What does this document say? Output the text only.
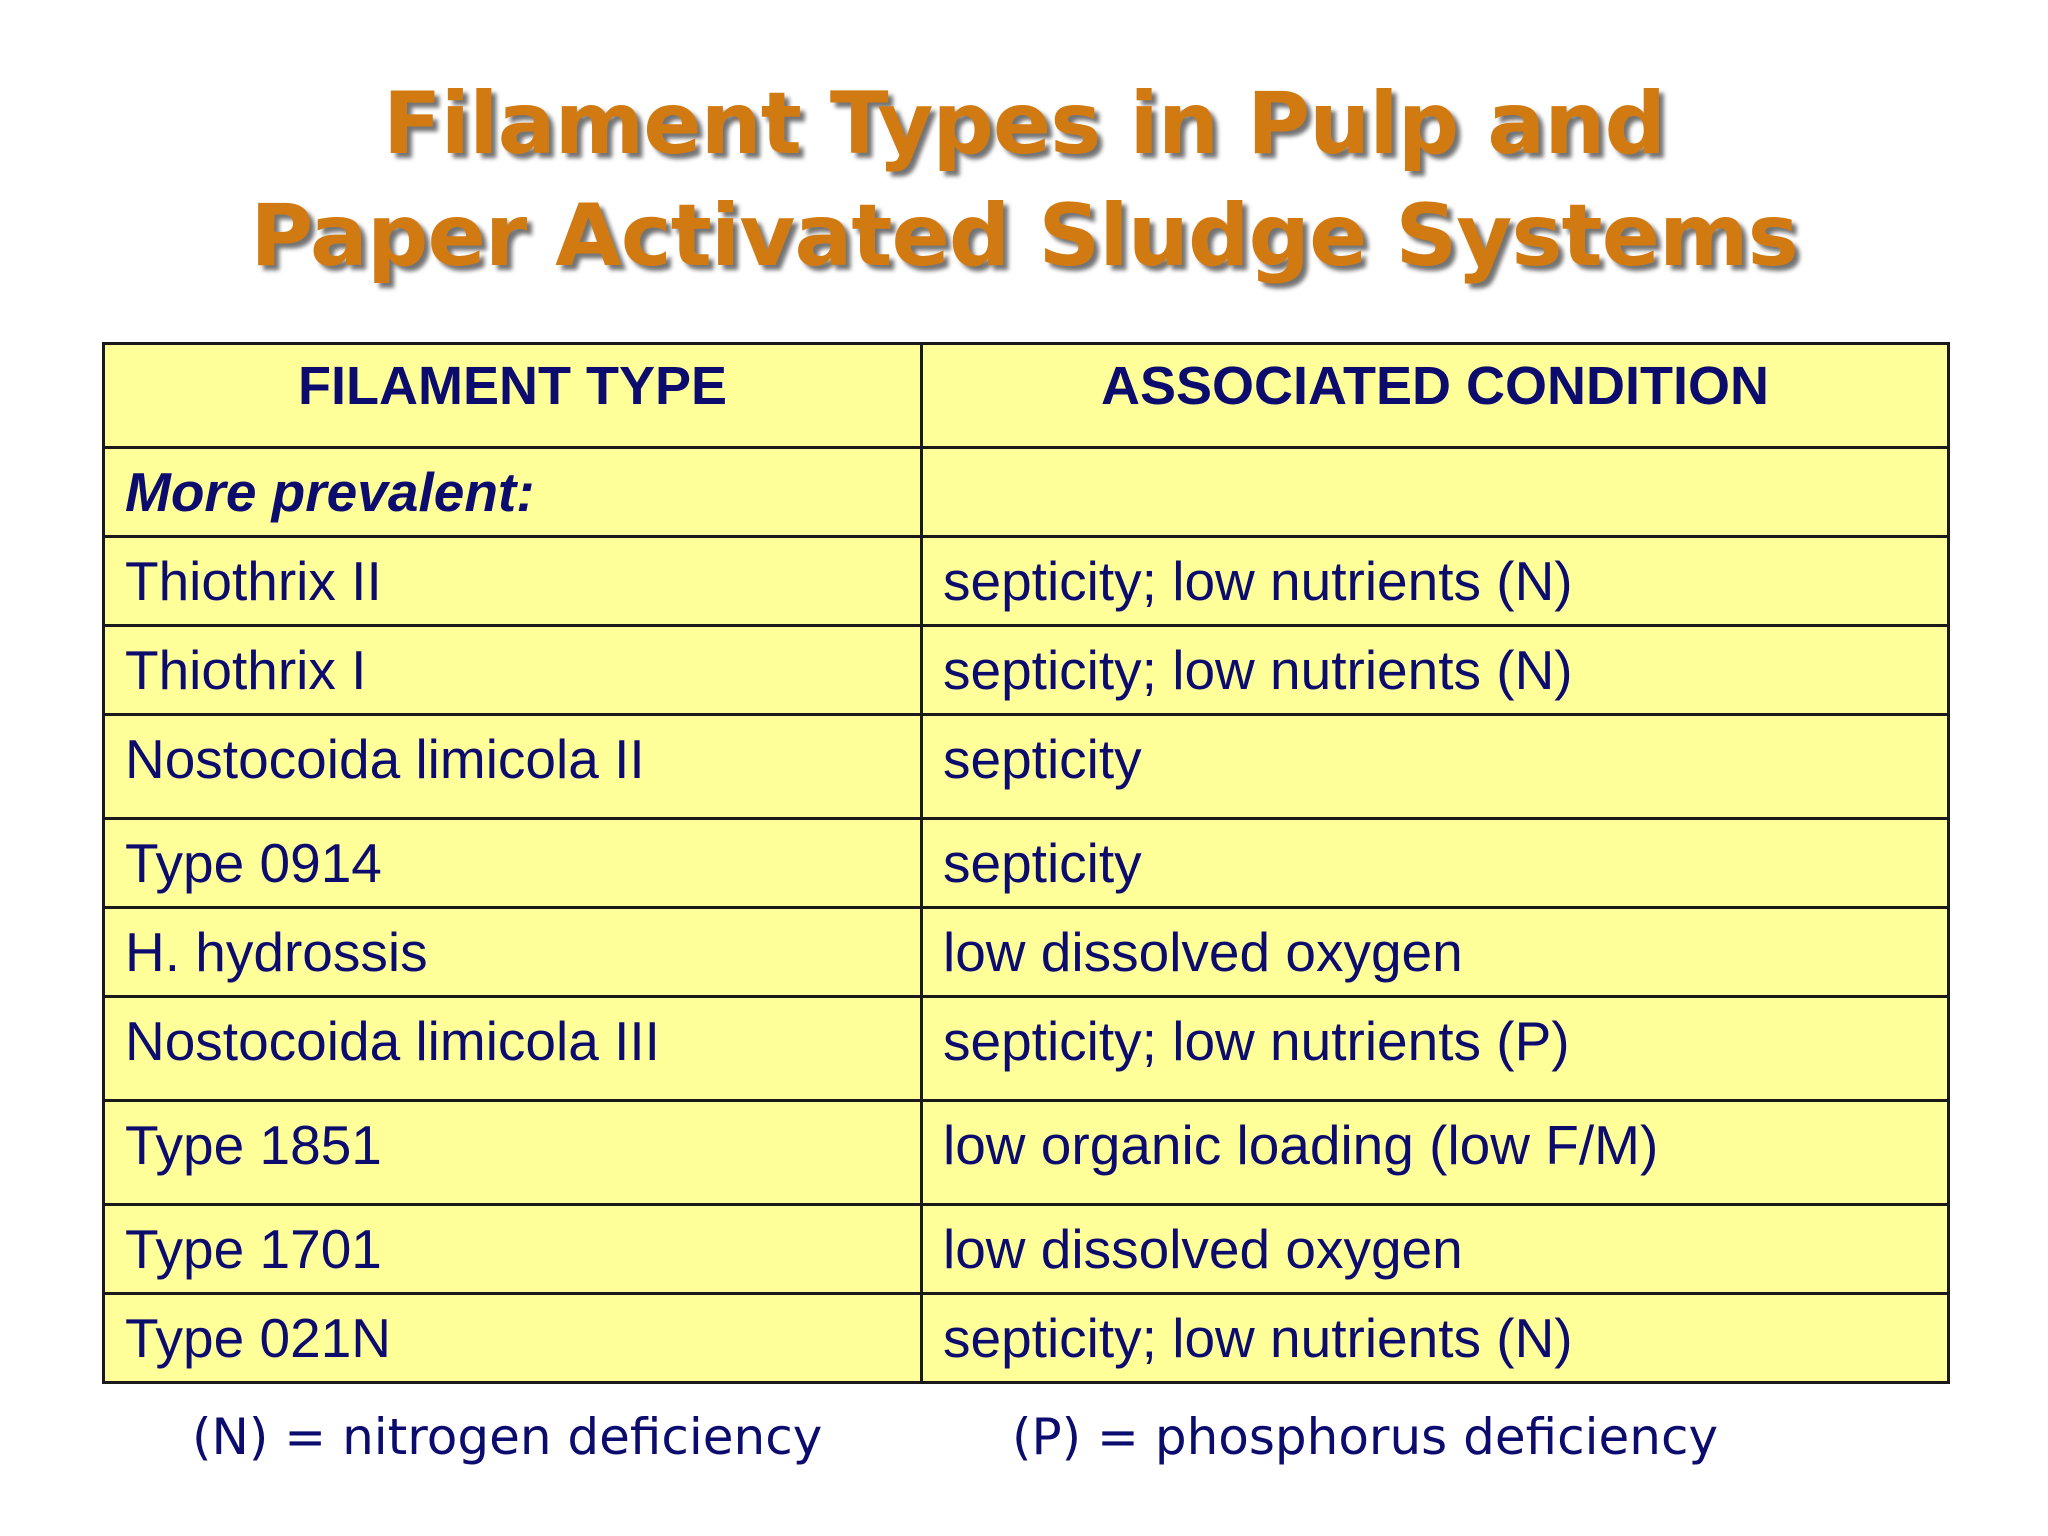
Filament Types in Pulp and
Paper Activated Sludge Systems
FILAMENT TYPE	ASSOCIATED CONDITION
More prevalent:	
Thiothrix II	septicity; low nutrients (N)
Thiothrix I	septicity; low nutrients (N)
Nostocoida limicola II	septicity
Type 0914	septicity
H. hydrossis	low dissolved oxygen
Nostocoida limicola III	septicity; low nutrients (P)
Type 1851	low organic loading (low F/M)
Type 1701	low dissolved oxygen
Type 021N	septicity; low nutrients (N)
(N) = nitrogen deficiency	(P) = phosphorus deficiency
